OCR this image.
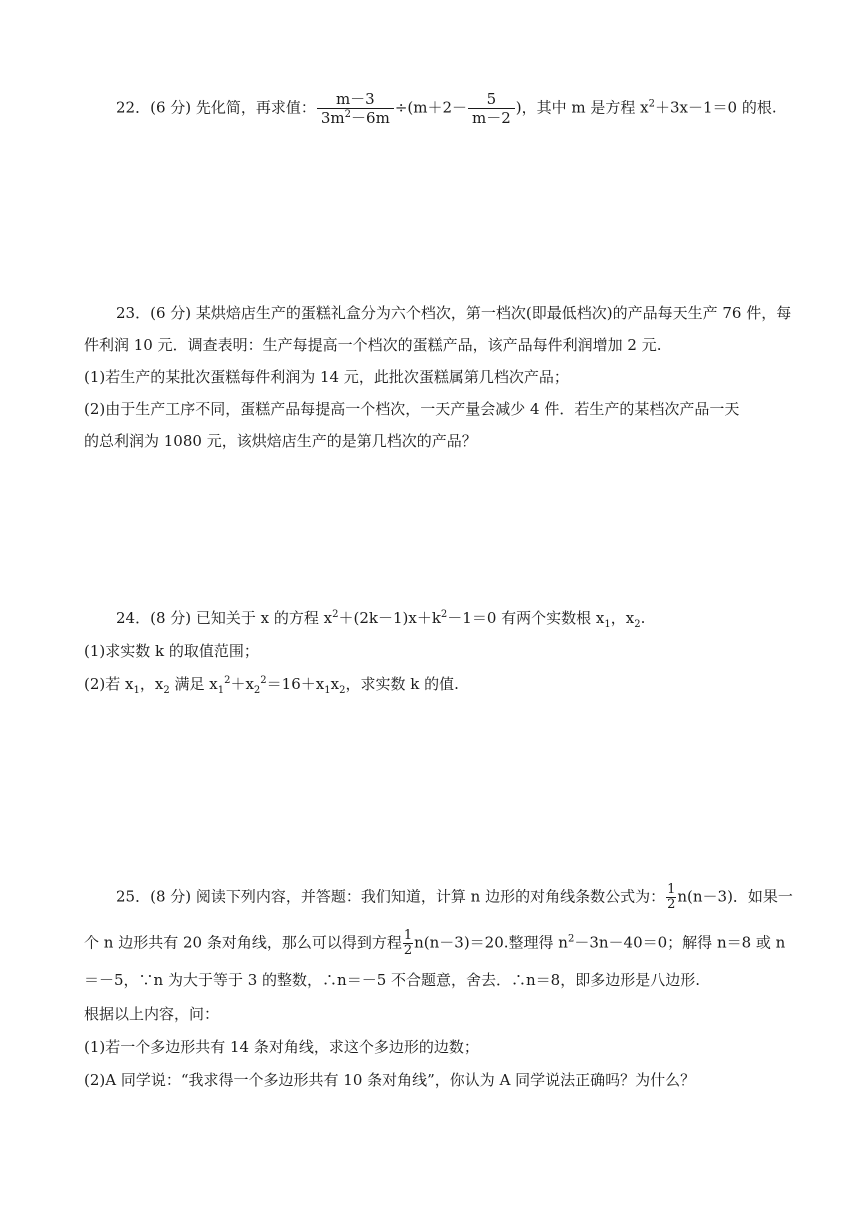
22．(6 分) 先化简，再求值： $\frac{m-3}{3m^2-6m} \div(m+2- \frac{5}{m-2}$ )，其中 m 是方程 $x^2+3x-1=0$ 的根.
23．(6 分) 某烘焙店生产的蛋糕礼盒分为六个档次，第一档次(即最低档次)的产品每天生产 76 件，每
件利润 10 元．调查表明：生产每提高一个档次的蛋糕产品，该产品每件利润增加 2 元.
(1)若生产的某批次蛋糕每件利润为 14 元，此批次蛋糕属第几档次产品；
(2)由于生产工序不同，蛋糕产品每提高一个档次，一天产量会减少 4 件．若生产的某档次产品一天
的总利润为 1080 元，该烘焙店生产的是第几档次的产品？
24．(8 分) 已知关于 x 的方程 $x^2+(2k-1)x+k^2-1=0$ 有两个实数根 $x_1$，$x_2$.
(1)求实数 k 的取值范围；
(2)若 $x_1$，$x_2$ 满足 $x_1^2+x_2^2=16+x_1x_2$，求实数 k 的值.
25．(8 分) 阅读下列内容，并答题：我们知道，计算 n 边形的对角线条数公式为： $\frac{1}{2} n(n-3)$．如果一
个 n 边形共有 20 条对角线，那么可以得到方程 $\frac{1}{2} n(n-3)=20$.整理得 $n^2-3n-40=0$；解得 n＝8 或 n
＝－5，∵n 为大于等于 3 的整数，∴n＝－5 不合题意，舍去．∴n＝8，即多边形是八边形.
根据以上内容，问：
(1)若一个多边形共有 14 条对角线，求这个多边形的边数；
(2)A 同学说：“我求得一个多边形共有 10 条对角线”，你认为 A 同学说法正确吗？为什么？
